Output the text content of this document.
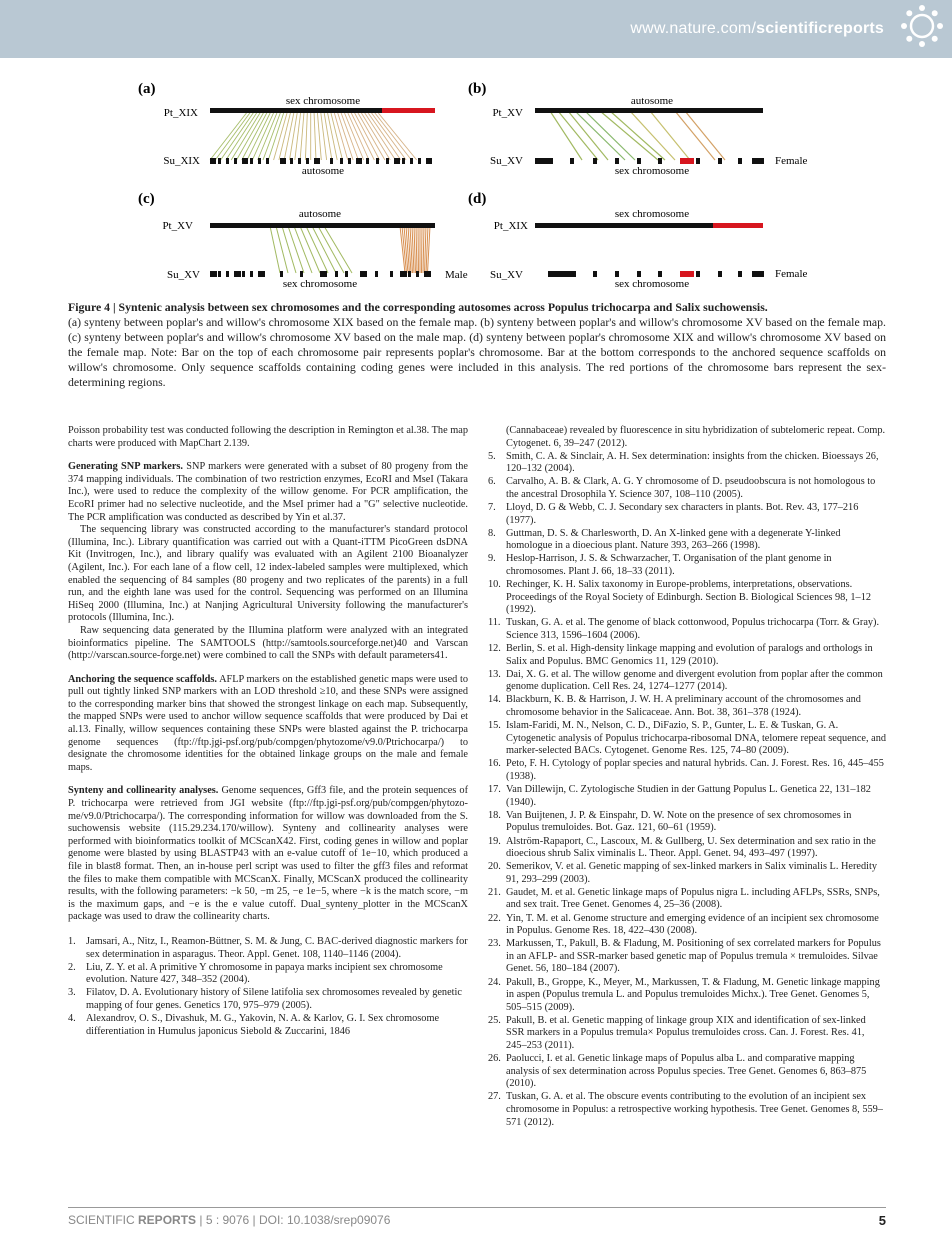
www.nature.com/scientificreports
(a)
Pt_XIX
Su_XIX
sex chromosome
autosome
(b)
Pt_XV
Su_XV
autosome
sex chromosome
Female
(c)
Pt_XV
Su_XV
autosome
sex chromosome
Male
(d)
Pt_XIX
Su_XV
sex chromosome
sex chromosome
Female
Figure 4 | Syntenic analysis between sex chromosomes and the corresponding autosomes across Populus trichocarpa and Salix suchowensis.
(a) synteny between poplar's and willow's chromosome XIX based on the female map. (b) synteny between poplar's and willow's chromosome XV based on the female map. (c) synteny between poplar's and willow's chromosome XV based on the male map. (d) synteny between poplar's chromosome XIX and willow's chromosome XV based on the female map. Note: Bar on the top of each chromosome pair represents poplar's chromosome. Bar at the bottom corresponds to the anchored sequence scaffolds on willow's chromosome. Only sequence scaffolds containing coding genes were included in this analysis. The red portions of the chromosome bars represent the sex-determining regions.

Poisson probability test was conducted following the description in Remington et al.38. The map charts were produced with MapChart 2.139.

Generating SNP markers. SNP markers were generated with a subset of 80 progeny from the 374 mapping individuals. The combination of two restriction enzymes, EcoRI and MseI (Takara Inc.), were used to reduce the complexity of the willow genome. For PCR amplification, the EcoRI primer had no selective nucleotide, and the MseI primer had a "G" selective nucleotide. The PCR amplification was conducted as described by Yin et al.37.

The sequencing library was constructed according to the manufacturer's standard protocol (Illumina, Inc.). Library quantification was carried out with a Quant-iTTM PicoGreen dsDNA Kit (Invitrogen, Inc.), and library qualify was evaluated with an Agilent 2100 Bioanalyzer (Agilent, Inc.). For each lane of a flow cell, 12 index-labeled samples were multiplexed, which enabled the sequencing of 84 samples (80 progeny and two replicates of the parents) in a full run, and the eighth lane was used for the control. Sequencing was performed on an Illumina HiSeq 2000 (Illumina, Inc.) at Nanjing Agricultural University following the manufacturer's protocols (Illumina, Inc.).

Raw sequencing data generated by the Illumina platform were analyzed with an integrated bioinformatics pipeline. The SAMTOOLS (http://samtools.sourceforge.net)40 and Varscan (http://varscan.source-forge.net) were combined to call the SNPs with default parameters41.

Anchoring the sequence scaffolds. AFLP markers on the established genetic maps were used to pull out tightly linked SNP markers with an LOD threshold ≥10, and these SNPs were assigned to the corresponding marker bins that showed the strongest linkage on each map. Subsequently, the mapped SNPs were used to anchor willow sequence scaffolds that were produced by Dai et al.13. Finally, willow sequences containing these SNPs were blasted against the P. trichocarpa genome sequences (ftp://ftp.jgi-psf.org/pub/compgen/phytozome/v9.0/Ptrichocarpa/) to designate the chromosome identities for the obtained linkage groups on the male and female maps.

Synteny and collinearity analyses. Genome sequences, Gff3 file, and the protein sequences of P. trichocarpa were retrieved from JGI website (ftp://ftp.jgi-psf.org/pub/compgen/phytozo- me/v9.0/Ptrichocarpa/). The corresponding information for willow was downloaded from the S. suchowensis website (115.29.234.170/willow). Synteny and collinearity analyses were performed with bioinformatics toolkit of MCScanX42. First, coding genes in willow and poplar genome were blasted by using BLASTP43 with an e-value cutoff of 1e−10, which produced a file in blast8 format. Then, an in-house perl script was used to filter the gff3 files and reformat the files to make them compatible with MCScanX. Finally, MCScanX produced the collinearity results, with the following parameters: −k 50, −m 25, −e 1e−5, where −k is the match score, −m is the maximum gaps, and −e is the e value cutoff. Dual_synteny_plotter in the MCScanX package was used to draw the collinearity charts.

1. Jamsari, A., Nitz, I., Reamon-Büttner, S. M. & Jung, C. BAC-derived diagnostic markers for sex determination in asparagus. Theor. Appl. Genet. 108, 1140–1146 (2004).
2. Liu, Z. Y. et al. A primitive Y chromosome in papaya marks incipient sex chromosome evolution. Nature 427, 348–352 (2004).
3. Filatov, D. A. Evolutionary history of Silene latifolia sex chromosomes revealed by genetic mapping of four genes. Genetics 170, 975–979 (2005).
4. Alexandrov, O. S., Divashuk, M. G., Yakovin, N. A. & Karlov, G. I. Sex chromosome differentiation in Humulus japonicus Siebold & Zuccarini, 1846
(Cannabaceae) revealed by fluorescence in situ hybridization of subtelomeric repeat. Comp. Cytogenet. 6, 39–247 (2012).
5. Smith, C. A. & Sinclair, A. H. Sex determination: insights from the chicken. Bioessays 26, 120–132 (2004).
6. Carvalho, A. B. & Clark, A. G. Y chromosome of D. pseudoobscura is not homologous to the ancestral Drosophila Y. Science 307, 108–110 (2005).
7. Lloyd, D. G & Webb, C. J. Secondary sex characters in plants. Bot. Rev. 43, 177–216 (1977).
8. Guttman, D. S. & Charlesworth, D. An X-linked gene with a degenerate Y-linked homologue in a dioecious plant. Nature 393, 263–266 (1998).
9. Heslop-Harrison, J. S. & Schwarzacher, T. Organisation of the plant genome in chromosomes. Plant J. 66, 18–33 (2011).
10. Rechinger, K. H. Salix taxonomy in Europe-problems, interpretations, observations. Proceedings of the Royal Society of Edinburgh. Section B. Biological Sciences 98, 1–12 (1992).
11. Tuskan, G. A. et al. The genome of black cottonwood, Populus trichocarpa (Torr. & Gray). Science 313, 1596–1604 (2006).
12. Berlin, S. et al. High-density linkage mapping and evolution of paralogs and orthologs in Salix and Populus. BMC Genomics 11, 129 (2010).
13. Dai, X. G. et al. The willow genome and divergent evolution from poplar after the common genome duplication. Cell Res. 24, 1274–1277 (2014).
14. Blackburn, K. B. & Harrison, J. W. H. A preliminary account of the chromosomes and chromosome behavior in the Salicaceae. Ann. Bot. 38, 361–378 (1924).
15. Islam-Faridi, M. N., Nelson, C. D., DiFazio, S. P., Gunter, L. E. & Tuskan, G. A. Cytogenetic analysis of Populus trichocarpa-ribosomal DNA, telomere repeat sequence, and marker-selected BACs. Cytogenet. Genome Res. 125, 74–80 (2009).
16. Peto, F. H. Cytology of poplar species and natural hybrids. Can. J. Forest. Res. 16, 445–455 (1938).
17. Van Dillewijn, C. Zytologische Studien in der Gattung Populus L. Genetica 22, 131–182 (1940).
18. Van Buijtenen, J. P. & Einspahr, D. W. Note on the presence of sex chromosomes in Populus tremuloides. Bot. Gaz. 121, 60–61 (1959).
19. Alström-Rapaport, C., Lascoux, M. & Gullberg, U. Sex determination and sex ratio in the dioecious shrub Salix viminalis L. Theor. Appl. Genet. 94, 493–497 (1997).
20. Semerikov, V. et al. Genetic mapping of sex-linked markers in Salix viminalis L. Heredity 91, 293–299 (2003).
21. Gaudet, M. et al. Genetic linkage maps of Populus nigra L. including AFLPs, SSRs, SNPs, and sex trait. Tree Genet. Genomes 4, 25–36 (2008).
22. Yin, T. M. et al. Genome structure and emerging evidence of an incipient sex chromosome in Populus. Genome Res. 18, 422–430 (2008).
23. Markussen, T., Pakull, B. & Fladung, M. Positioning of sex correlated markers for Populus in an AFLP- and SSR-marker based genetic map of Populus tremula × tremuloides. Silvae Genet. 56, 180–184 (2007).
24. Pakull, B., Groppe, K., Meyer, M., Markussen, T. & Fladung, M. Genetic linkage mapping in aspen (Populus tremula L. and Populus tremuloides Michx.). Tree Genet. Genomes 5, 505–515 (2009).
25. Pakull, B. et al. Genetic mapping of linkage group XIX and identification of sex-linked SSR markers in a Populus tremula× Populus tremuloides cross. Can. J. Forest. Res. 41, 245–253 (2011).
26. Paolucci, I. et al. Genetic linkage maps of Populus alba L. and comparative mapping analysis of sex determination across Populus species. Tree Genet. Genomes 6, 863–875 (2010).
27. Tuskan, G. A. et al. The obscure events contributing to the evolution of an incipient sex chromosome in Populus: a retrospective working hypothesis. Tree Genet. Genomes 8, 559–571 (2012).
SCIENTIFIC REPORTS | 5 : 9076 | DOI: 10.1038/srep09076	5
